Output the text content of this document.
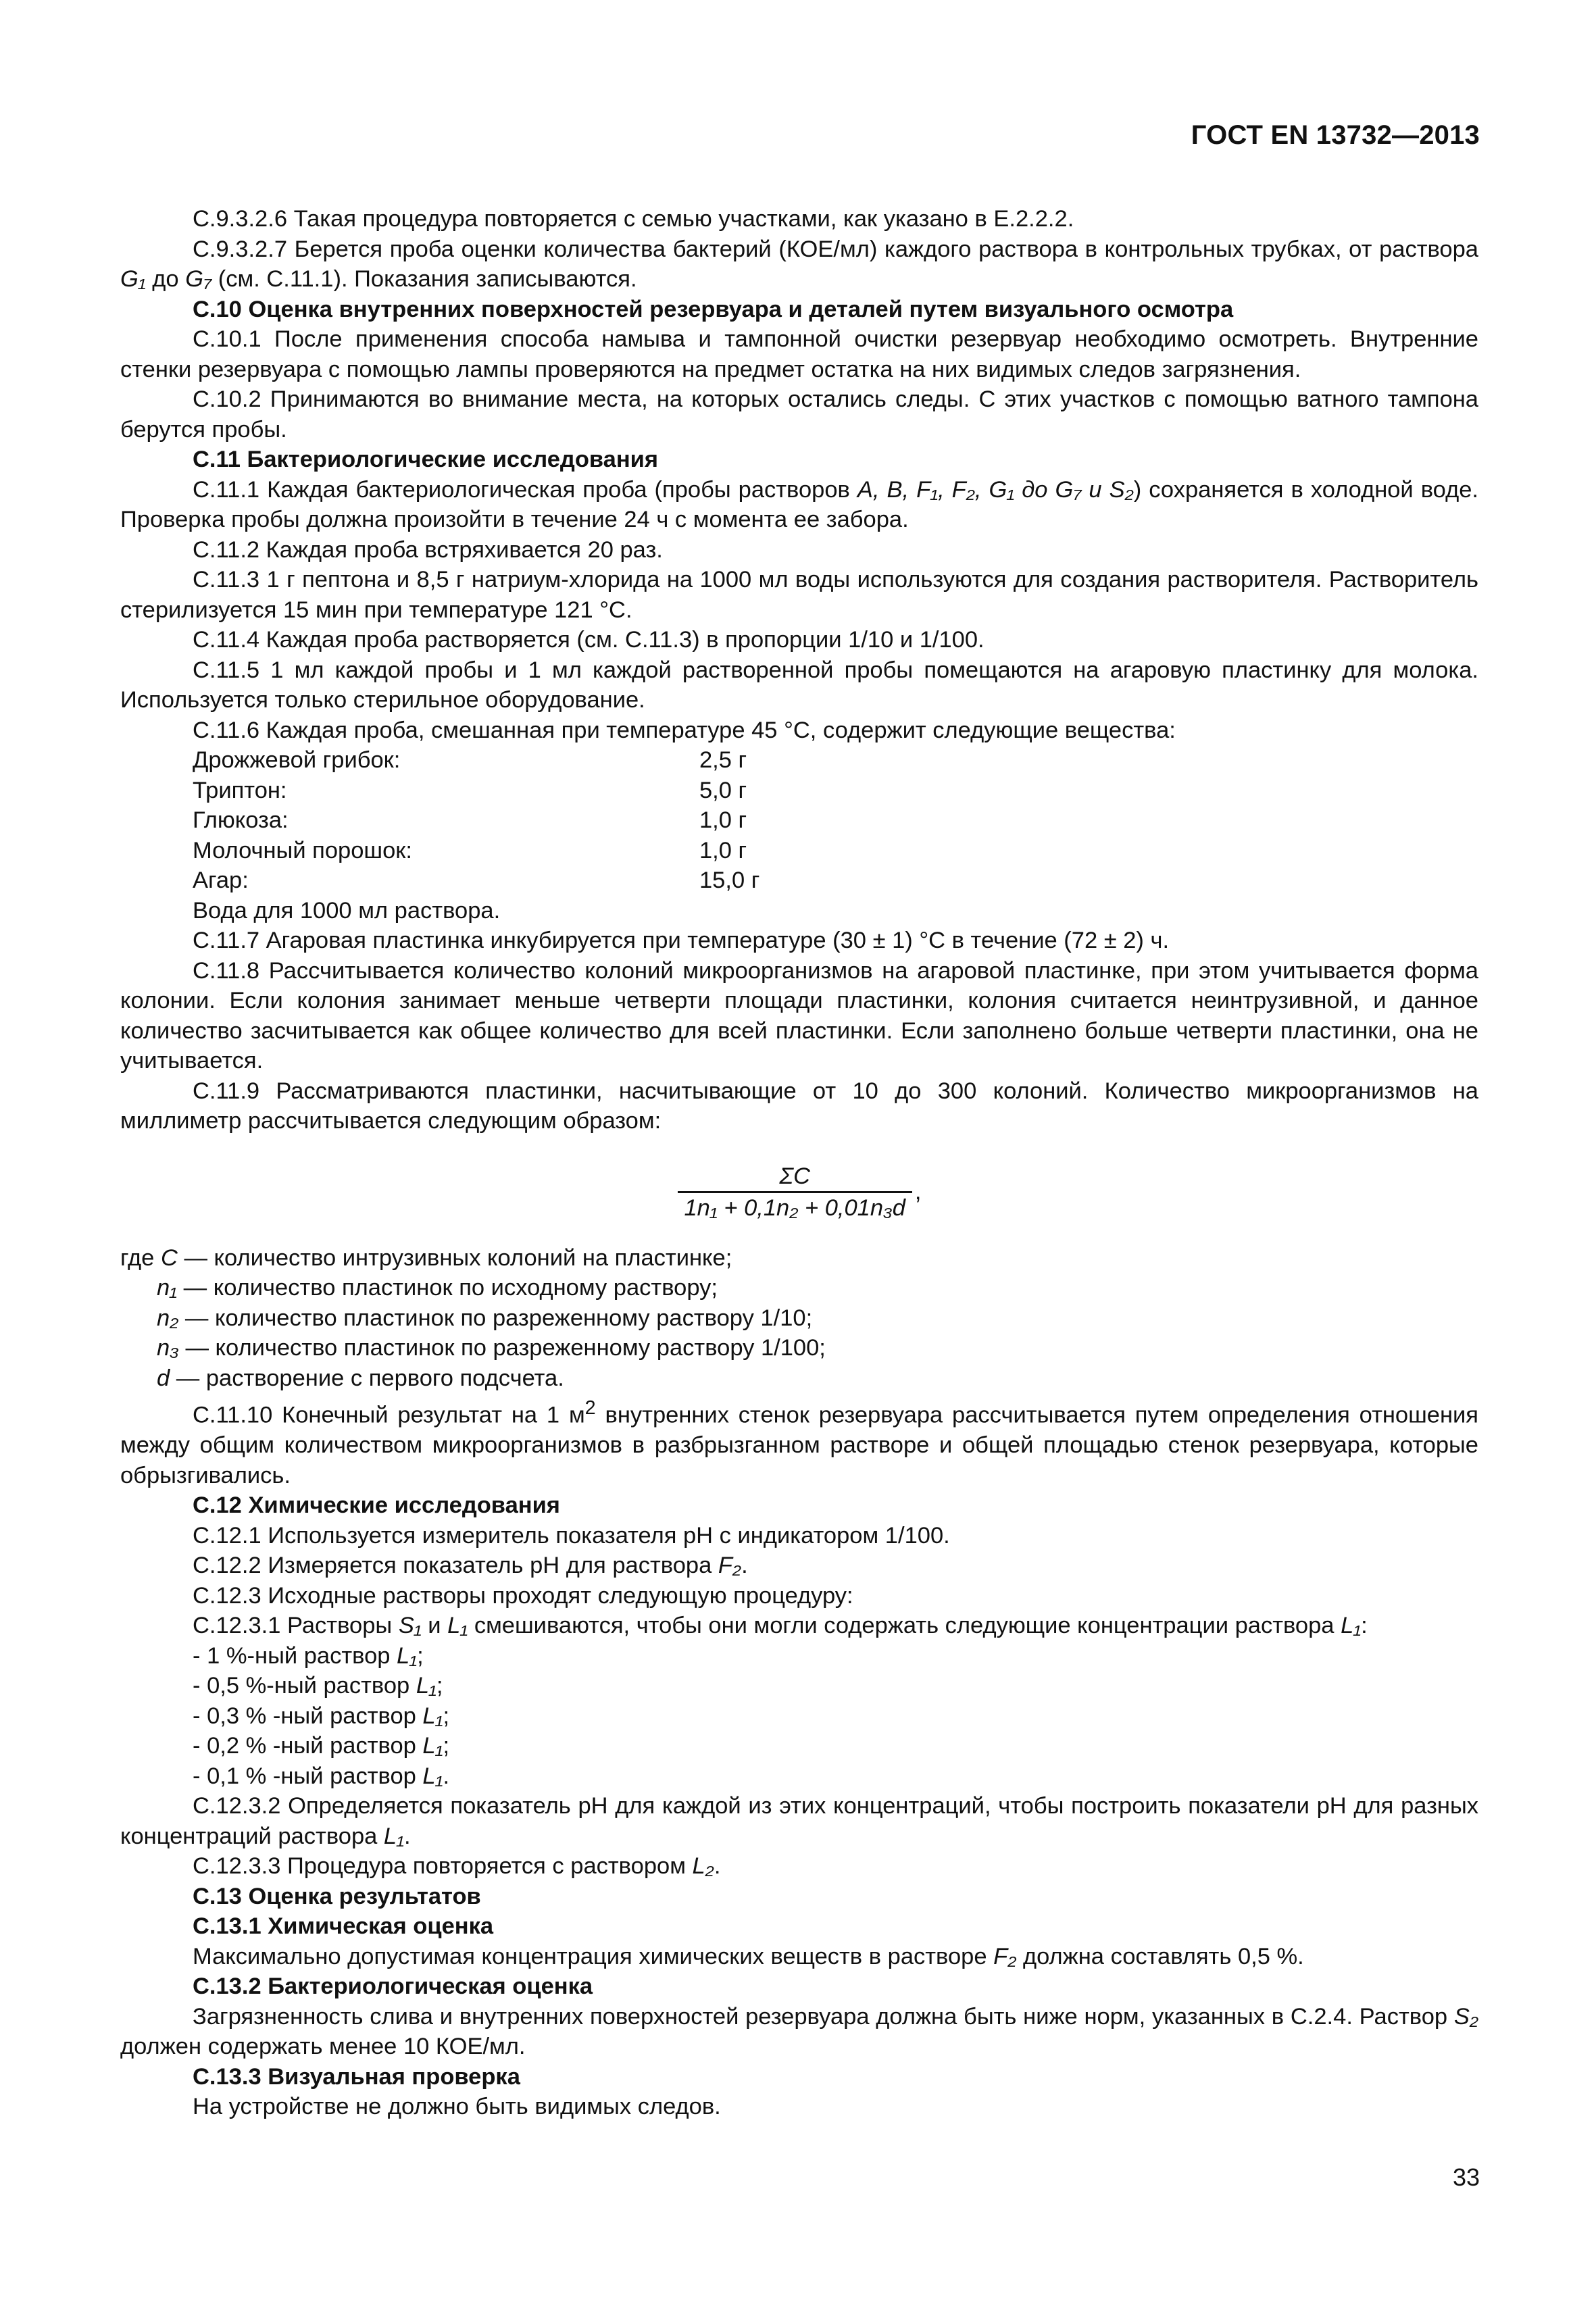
ГОСТ EN 13732—2013

С.9.3.2.6 Такая процедура повторяется с семью участками, как указано в Е.2.2.2.

С.9.3.2.7 Берется проба оценки количества бактерий (КОЕ/мл) каждого раствора в контрольных трубках, от раствора G₁ до G₇ (см. С.11.1). Показания записываются.

С.10 Оценка внутренних поверхностей резервуара и деталей путем визуального осмотра

С.10.1 После применения способа намыва и тампонной очистки резервуар необходимо осмотреть. Внутренние стенки резервуара с помощью лампы проверяются на предмет остатка на них видимых следов загрязнения.

С.10.2 Принимаются во внимание места, на которых остались следы. С этих участков с помощью ватного тампона берутся пробы.

С.11 Бактериологические исследования

С.11.1 Каждая бактериологическая проба (пробы растворов A, B, F₁, F₂, G₁ до G₇ и S₂) сохраняется в холодной воде. Проверка пробы должна произойти в течение 24 ч с момента ее забора.

С.11.2 Каждая проба встряхивается 20 раз.

С.11.3 1 г пептона и 8,5 г натриум-хлорида на 1000 мл воды используются для создания растворителя. Растворитель стерилизуется 15 мин при температуре 121 °С.

С.11.4 Каждая проба растворяется (см. С.11.3) в пропорции 1/10 и 1/100.

С.11.5 1 мл каждой пробы и 1 мл каждой растворенной пробы помещаются на агаровую пластинку для молока. Используется только стерильное оборудование.

С.11.6 Каждая проба, смешанная при температуре 45 °С, содержит следующие вещества:

Дрожжевой грибок:	2,5 г
Триптон:	5,0 г
Глюкоза:	1,0 г
Молочный порошок:	1,0 г
Агар:	15,0 г

Вода для 1000 мл раствора.

С.11.7 Агаровая пластинка инкубируется при температуре (30 ± 1) °С в течение (72 ± 2) ч.

С.11.8 Рассчитывается количество колоний микроорганизмов на агаровой пластинке, при этом учитывается форма колонии. Если колония занимает меньше четверти площади пластинки, колония считается неинтрузивной, и данное количество засчитывается как общее количество для всей пластинки. Если заполнено больше четверти пластинки, она не учитывается.

С.11.9 Рассматриваются пластинки, насчитывающие от 10 до 300 колоний. Количество микроорганизмов на миллиметр рассчитывается следующим образом:

$\frac{\Sigma C}{\text{1n₁ + 0,1n₂ + 0,01n₃d}}$ ,

где С — количество интрузивных колоний на пластинке;

n₁ — количество пластинок по исходному раствору;

n₂ — количество пластинок по разреженному раствору 1/10;

n₃ — количество пластинок по разреженному раствору 1/100;

d — растворение с первого подсчета.

С.11.10 Конечный результат на 1 $м^2$ внутренних стенок резервуара рассчитывается путем определения отношения между общим количеством микроорганизмов в разбрызганном растворе и общей площадью стенок резервуара, которые обрызгивались.

С.12 Химические исследования

С.12.1 Используется измеритель показателя pH с индикатором 1/100.

С.12.2 Измеряется показатель pH для раствора F₂.

С.12.3 Исходные растворы проходят следующую процедуру:

С.12.3.1 Растворы S₁ и L₁ смешиваются, чтобы они могли содержать следующие концентрации раствора L₁:

- 1 %-ный раствор L₁;

- 0,5 %-ный раствор L₁;

- 0,3 % -ный раствор L₁;

- 0,2 % -ный раствор L₁;

- 0,1 % -ный раствор L₁.

С.12.3.2 Определяется показатель pH для каждой из этих концентраций, чтобы построить показатели pH для разных концентраций раствора L₁.

С.12.3.3 Процедура повторяется с раствором L₂.

С.13 Оценка результатов

С.13.1 Химическая оценка

Максимально допустимая концентрация химических веществ в растворе F₂ должна составлять 0,5 %.

С.13.2 Бактериологическая оценка

Загрязненность слива и внутренних поверхностей резервуара должна быть ниже норм, указанных в С.2.4. Раствор S₂ должен содержать менее 10 КОЕ/мл.

С.13.3 Визуальная проверка

На устройстве не должно быть видимых следов.

33
